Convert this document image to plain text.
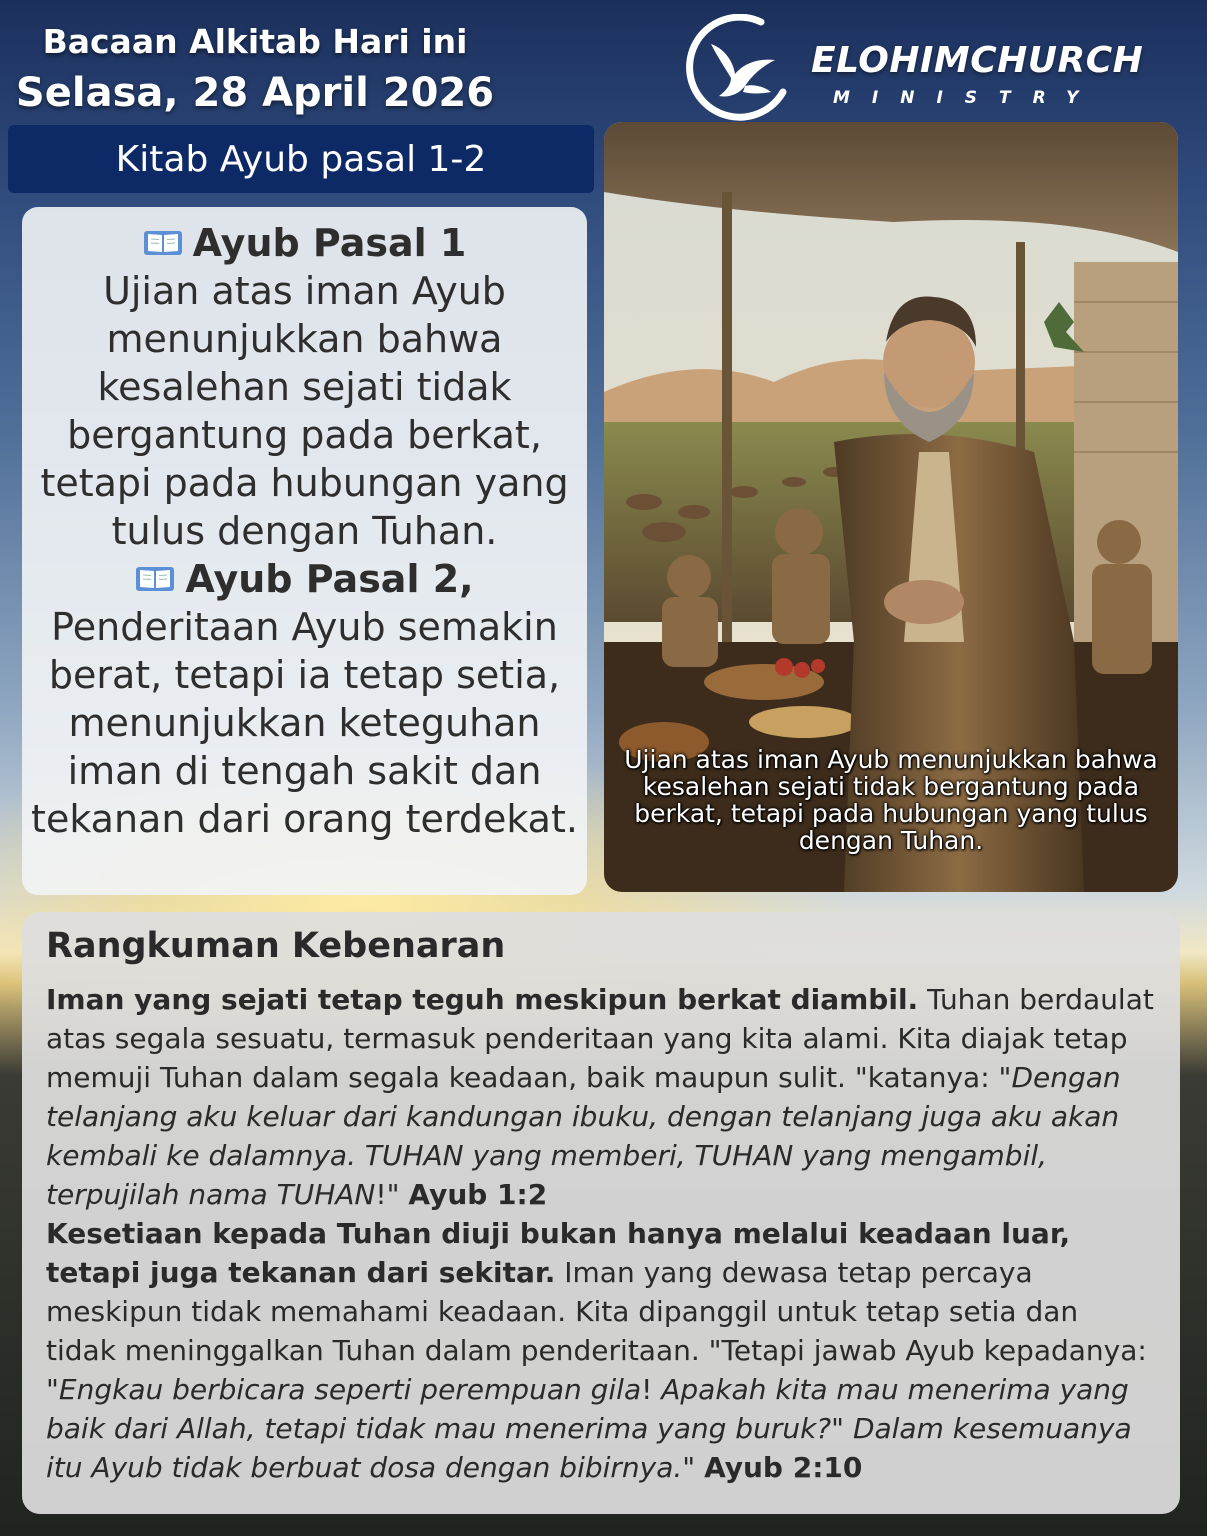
Bacaan Alkitab Hari ini
Selasa, 28 April 2026
ELOHIMCHURCH
MINISTRY
Kitab Ayub pasal 1-2
Ayub Pasal 1
Ujian atas iman Ayub menunjukkan bahwa kesalehan sejati tidak bergantung pada berkat, tetapi pada hubungan yang tulus dengan Tuhan.
Ayub Pasal 2,
Penderitaan Ayub semakin berat, tetapi ia tetap setia, menunjukkan keteguhan iman di tengah sakit dan tekanan dari orang terdekat.
Ujian atas iman Ayub menunjukkan bahwa kesalehan sejati tidak bergantung pada berkat, tetapi pada hubungan yang tulus dengan Tuhan.
Rangkuman Kebenaran

Iman yang sejati tetap teguh meskipun berkat diambil. Tuhan berdaulat atas segala sesuatu, termasuk penderitaan yang kita alami. Kita diajak tetap memuji Tuhan dalam segala keadaan, baik maupun sulit. "katanya: "Dengan telanjang aku keluar dari kandungan ibuku, dengan telanjang juga aku akan kembali ke dalamnya. TUHAN yang memberi, TUHAN yang mengambil, terpujilah nama TUHAN!" Ayub 1:2

Kesetiaan kepada Tuhan diuji bukan hanya melalui keadaan luar, tetapi juga tekanan dari sekitar. Iman yang dewasa tetap percaya meskipun tidak memahami keadaan. Kita dipanggil untuk tetap setia dan tidak meninggalkan Tuhan dalam penderitaan. "Tetapi jawab Ayub kepadanya: "Engkau berbicara seperti perempuan gila! Apakah kita mau menerima yang baik dari Allah, tetapi tidak mau menerima yang buruk?" Dalam kesemuanya itu Ayub tidak berbuat dosa dengan bibirnya." Ayub 2:10
